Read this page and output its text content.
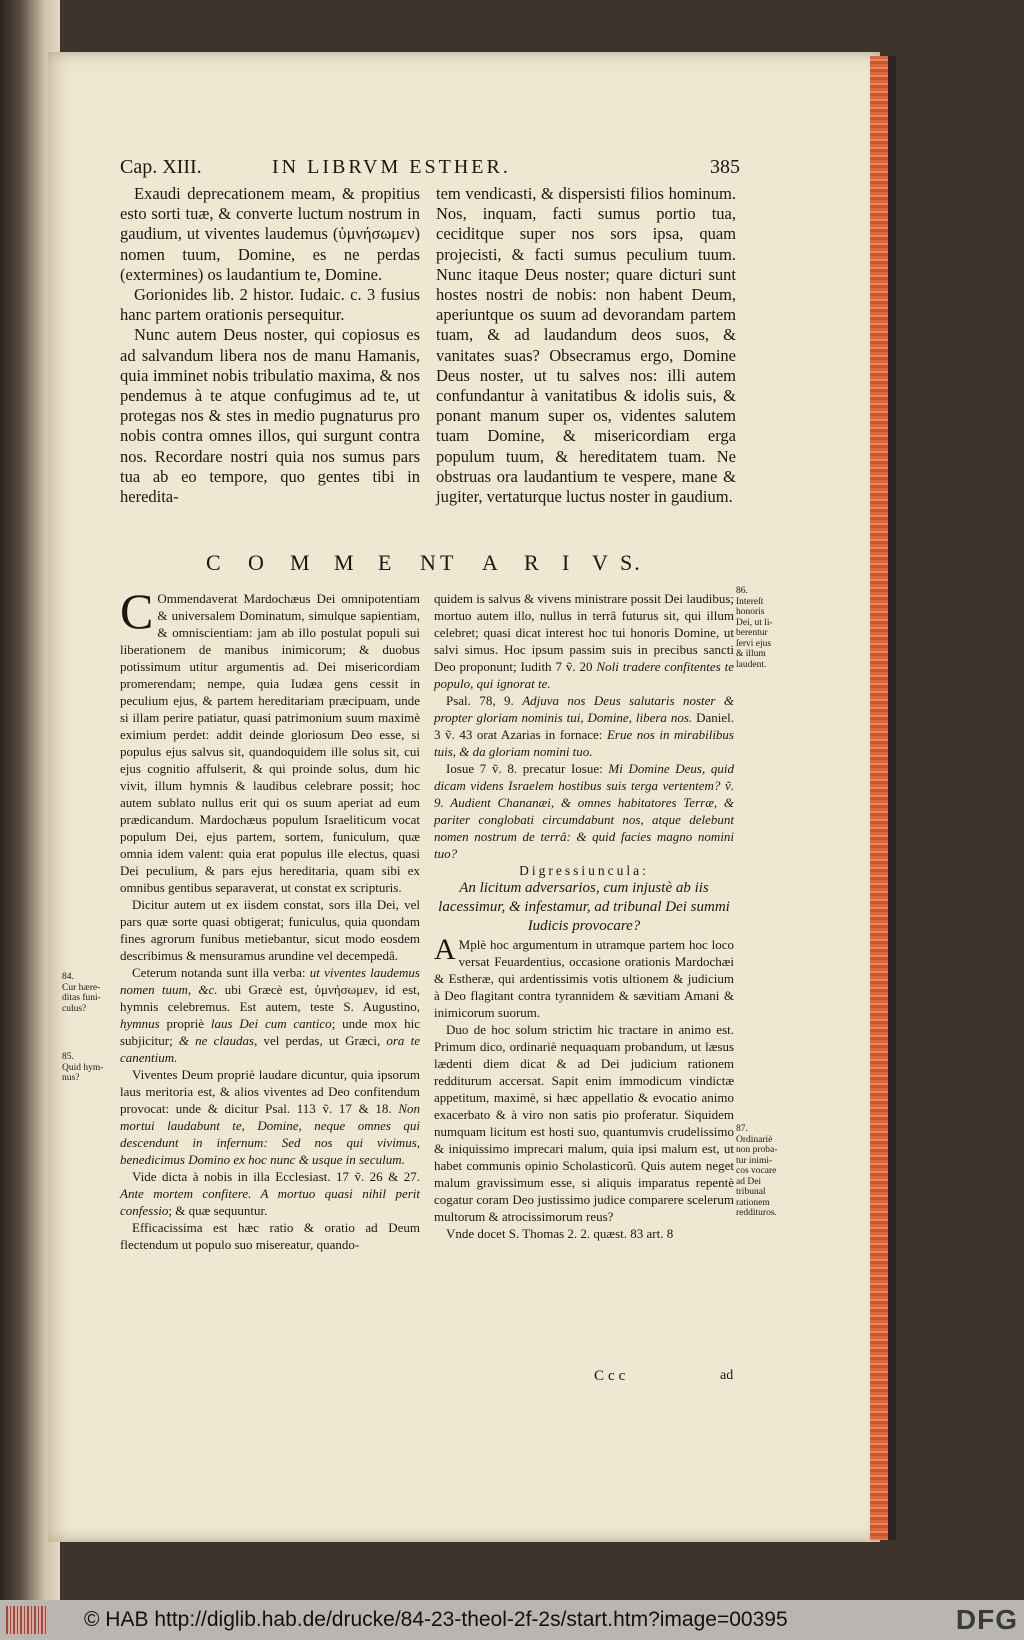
Cap. XIII.	IN LIBRVM ESTHER.	385

Exaudi deprecationem meam, & propitius esto sorti tuæ, & converte luctum nostrum in gaudium, ut viventes laudemus (ὑμνήσωμεν) nomen tuum, Domine, es ne perdas (extermines) os laudantium te, Domine.

Gorionides lib. 2 histor. Iudaic. c. 3 fusius hanc partem orationis persequitur.

Nunc autem Deus noster, qui copiosus es ad salvandum libera nos de manu Hamanis, quia imminet nobis tribulatio maxima, & nos pendemus à te atque confugimus ad te, ut protegas nos & stes in medio pugnaturus pro nobis contra omnes illos, qui surgunt contra nos. Recordare nostri quia nos sumus pars tua ab eo tempore, quo gentes tibi in heredita-

tem vendicasti, & dispersisti filios hominum. Nos, inquam, facti sumus portio tua, ceciditque super nos sors ipsa, quam projecisti, & facti sumus peculium tuum. Nunc itaque Deus noster; quare dicturi sunt hostes nostri de nobis: non habent Deum, aperiuntque os suum ad devorandam partem tuam, & ad laudandum deos suos, & vanitates suas? Obsecramus ergo, Domine Deus noster, ut tu salves nos: illi autem confundantur à vanitatibus & idolis suis, & ponant manum super os, videntes salutem tuam Domine, & misericordiam erga populum tuum, & hereditatem tuam. Ne obstruas ora laudantium te vespere, mane & jugiter, vertaturque luctus noster in gaudium.

C O M M E N T A R I V S.

C Ommendaverat Mardochæus Dei omnipotentiam & universalem Dominatum, simulque sapientiam, & omniscientiam: jam ab illo postulat populi sui liberationem de manibus inimicorum; & duobus potissimum utitur argumentis ad. Dei misericordiam promerendam; nempe, quia Iudæa gens cessit in peculium ejus, & partem hereditariam præcipuam, unde si illam perire patiatur, quasi patrimonium suum maximè eximium perdet: addit deinde gloriosum Deo esse, si populus ejus salvus sit, quandoquidem ille solus sit, cui ejus cognitio affulserit, & qui proinde solus, dum hic vivit, illum hymnis & laudibus celebrare possit; hoc autem sublato nullus erit qui os suum aperiat ad eum prædicandum. Mardochæus populum Israeliticum vocat populum Dei, ejus partem, sortem, funiculum, quæ omnia idem valent: quia erat populus ille electus, quasi Dei peculium, & pars ejus hereditaria, quam sibi ex omnibus gentibus separaverat, ut constat ex scripturis.

Dicitur autem ut ex iisdem constat, sors illa Dei, vel pars quæ sorte quasi obtigerat; funiculus, quia quondam fines agrorum funibus metiebantur, sicut modo eosdem describimus & mensuramus arundine vel decempedâ.

Ceterum notanda sunt illa verba: ut viventes laudemus nomen tuum, &c. ubi Græcè est, ὑμνήσωμεν, id est, hymnis celebremus. Est autem, teste S. Augustino, hymnus propriè laus Dei cum cantico; unde mox hic subjicitur; & ne claudas, vel perdas, ut Græci, ora te canentium.

Viventes Deum propriè laudare dicuntur, quia ipsorum laus meritoria est, & alios viventes ad Deo confitendum provocat: unde & dicitur Psal. 113 ṽ. 17 & 18. Non mortui laudabunt te, Domine, neque omnes qui descendunt in infernum: Sed nos qui vivimus, benedicimus Domino ex hoc nunc & usque in seculum.

Vide dicta à nobis in illa Ecclesiast. 17 ṽ. 26 & 27. Ante mortem confitere. A mortuo quasi nihil perit confessio; & quæ sequuntur.

Efficacissima est hæc ratio & oratio ad Deum flectendum ut populo suo misereatur, quando-

quidem is salvus & vivens ministrare possit Dei laudibus; mortuo autem illo, nullus in terrâ futurus sit, qui illum celebret; quasi dicat interest hoc tui honoris Domine, ut salvi simus. Hoc ipsum passim suis in precibus sancti Deo proponunt; Iudith 7 ṽ. 20 Noli tradere confitentes te populo, qui ignorat te.

Psal. 78, 9. Adjuva nos Deus salutaris noster & propter gloriam nominis tui, Domine, libera nos. Daniel. 3 ṽ. 43 orat Azarias in fornace: Erue nos in mirabilibus tuis, & da gloriam nomini tuo.

Iosue 7 ṽ. 8. precatur Iosue: Mi Domine Deus, quid dicam videns Israelem hostibus suis terga vertentem? ṽ. 9. Audient Chananæi, & omnes habitatores Terræ, & pariter conglobati circumdabunt nos, atque delebunt nomen nostrum de terrâ: & quid facies magno nomini tuo?

Digressiuncula:

An licitum adversarios, cum injustè ab iis lacessimur, & infestamur, ad tribunal Dei summi Iudicis provocare?

A Mplè hoc argumentum in utramque partem hoc loco versat Feuardentius, occasione orationis Mardochæi & Estheræ, qui ardentissimis votis ultionem & judicium à Deo flagitant contra tyrannidem & sævitiam Amani & inimicorum suorum.

Duo de hoc solum strictim hic tractare in animo est. Primum dico, ordinariè nequaquam probandum, ut læsus lædenti diem dicat & ad Dei judicium rationem redditurum accersat. Sapit enim immodicum vindictæ appetitum, maximè, si hæc appellatio & evocatio animo exacerbato & à viro non satis pio proferatur. Siquidem numquam licitum est hosti suo, quantumvis crudelissimo & iniquissimo imprecari malum, quia ipsi malum est, ut habet communis opinio Scholasticorũ. Quis autem neget malum gravissimum esse, si aliquis imparatus repentè cogatur coram Deo justissimo judice comparere scelerum multorum & atrocissimorum reus?

Vnde docet S. Thomas 2. 2. quæst. 83 art. 8

84.
Cur hære-
ditas funi-
culus?
85.
Quid hym-
nus?
86.
Intereſt
honoris
Dei, ut li-
berentur
ſervi ejus
& illum
laudent.
87.
Ordinariè
non proba-
tur inimi-
cos vocare
ad Dei
tribunal
rationem
reddituros.
Ccc	ad
© HAB http://diglib.hab.de/drucke/84-23-theol-2f-2s/start.htm?image=00395	DFG
